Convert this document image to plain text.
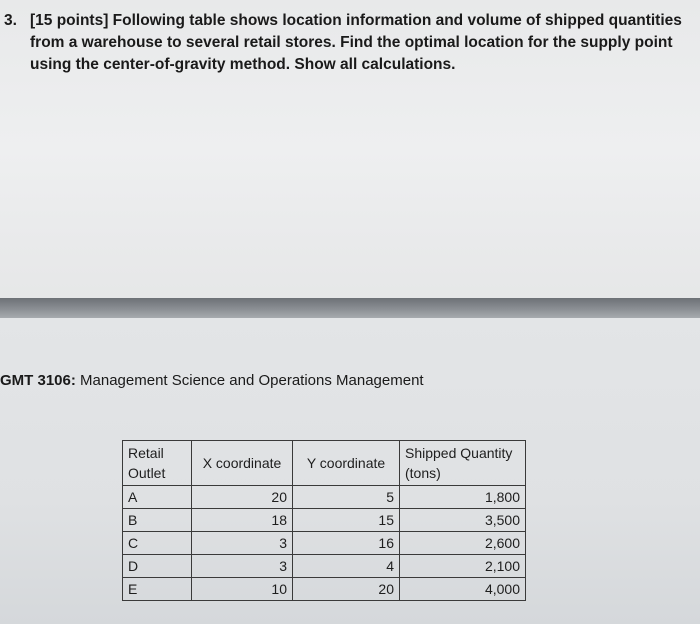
3. [15 points] Following table shows location information and volume of shipped quantities from a warehouse to several retail stores. Find the optimal location for the supply point using the center-of-gravity method. Show all calculations.
GMT 3106: Management Science and Operations Management
Retail Outlet	X coordinate	Y coordinate	Shipped Quantity (tons)
A	20	5	1,800
B	18	15	3,500
C	3	16	2,600
D	3	4	2,100
E	10	20	4,000
